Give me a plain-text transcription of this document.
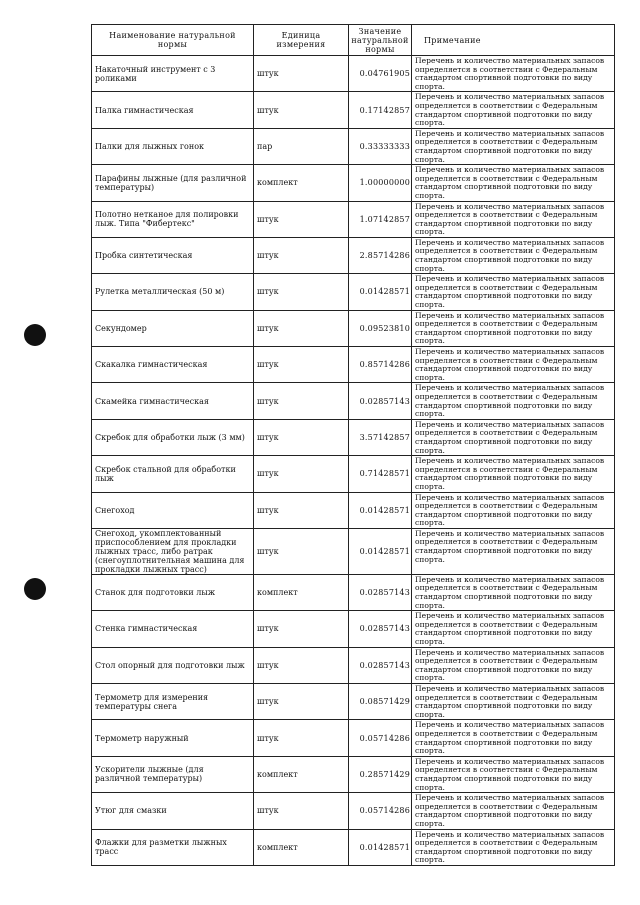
Наименование натуральной нормы	Единица измерения	Значение натуральной нормы	Примечание
Накаточный инструмент с 3 роликами	штук	0.04761905	Перечень и количество материальных запасов определяется в соответствии с Федеральным стандартом спортивной подготовки по виду спорта.
Палка гимнастическая	штук	0.17142857	Перечень и количество материальных запасов определяется в соответствии с Федеральным стандартом спортивной подготовки по виду спорта.
Палки для лыжных гонок	пар	0.33333333	Перечень и количество материальных запасов определяется в соответствии с Федеральным стандартом спортивной подготовки по виду спорта.
Парафины лыжные (для различной температуры)	комплект	1.00000000	Перечень и количество материальных запасов определяется в соответствии с Федеральным стандартом спортивной подготовки по виду спорта.
Полотно нетканое для полировки лыж. Типа "Фибертекс"	штук	1.07142857	Перечень и количество материальных запасов определяется в соответствии с Федеральным стандартом спортивной подготовки по виду спорта.
Пробка синтетическая	штук	2.85714286	Перечень и количество материальных запасов определяется в соответствии с Федеральным стандартом спортивной подготовки по виду спорта.
Рулетка металлическая (50 м)	штук	0.01428571	Перечень и количество материальных запасов определяется в соответствии с Федеральным стандартом спортивной подготовки по виду спорта.
Секундомер	штук	0.09523810	Перечень и количество материальных запасов определяется в соответствии с Федеральным стандартом спортивной подготовки по виду спорта.
Скакалка гимнастическая	штук	0.85714286	Перечень и количество материальных запасов определяется в соответствии с Федеральным стандартом спортивной подготовки по виду спорта.
Скамейка гимнастическая	штук	0.02857143	Перечень и количество материальных запасов определяется в соответствии с Федеральным стандартом спортивной подготовки по виду спорта.
Скребок для обработки лыж (3 мм)	штук	3.57142857	Перечень и количество материальных запасов определяется в соответствии с Федеральным стандартом спортивной подготовки по виду спорта.
Скребок стальной для обработки лыж	штук	0.71428571	Перечень и количество материальных запасов определяется в соответствии с Федеральным стандартом спортивной подготовки по виду спорта.
Снегоход	штук	0.01428571	Перечень и количество материальных запасов определяется в соответствии с Федеральным стандартом спортивной подготовки по виду спорта.
Снегоход, укомплектованный приспособлением для прокладки лыжных трасс, либо ратрак (снегоуплотнительная машина для прокладки лыжных трасс)	штук	0.01428571	Перечень и количество материальных запасов определяется в соответствии с Федеральным стандартом спортивной подготовки по виду спорта.
Станок для подготовки лыж	комплект	0.02857143	Перечень и количество материальных запасов определяется в соответствии с Федеральным стандартом спортивной подготовки по виду спорта.
Стенка гимнастическая	штук	0.02857143	Перечень и количество материальных запасов определяется в соответствии с Федеральным стандартом спортивной подготовки по виду спорта.
Стол опорный для подготовки лыж	штук	0.02857143	Перечень и количество материальных запасов определяется в соответствии с Федеральным стандартом спортивной подготовки по виду спорта.
Термометр для измерения температуры снега	штук	0.08571429	Перечень и количество материальных запасов определяется в соответствии с Федеральным стандартом спортивной подготовки по виду спорта.
Термометр наружный	штук	0.05714286	Перечень и количество материальных запасов определяется в соответствии с Федеральным стандартом спортивной подготовки по виду спорта.
Ускорители лыжные (для различной температуры)	комплект	0.28571429	Перечень и количество материальных запасов определяется в соответствии с Федеральным стандартом спортивной подготовки по виду спорта.
Утюг для смазки	штук	0.05714286	Перечень и количество материальных запасов определяется в соответствии с Федеральным стандартом спортивной подготовки по виду спорта.
Флажки для разметки лыжных трасс	комплект	0.01428571	Перечень и количество материальных запасов определяется в соответствии с Федеральным стандартом спортивной подготовки по виду спорта.
